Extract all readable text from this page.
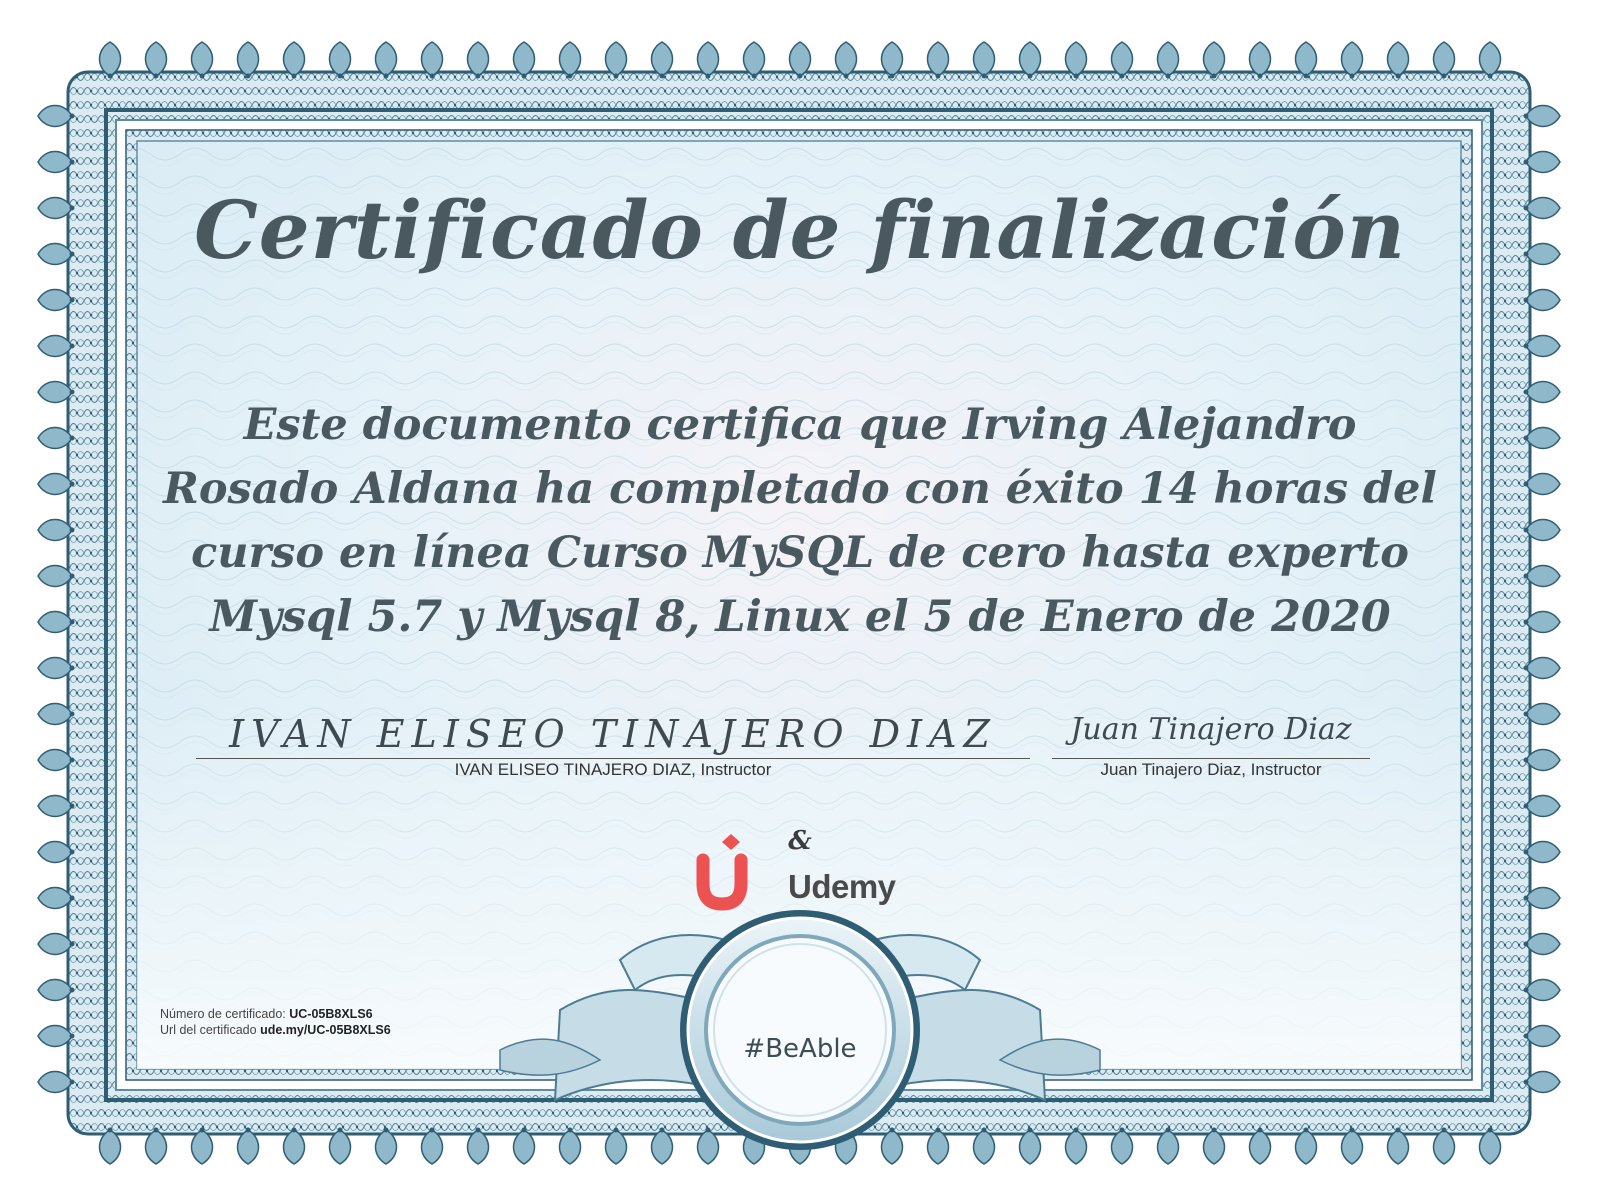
Certificado de finalización
Este documento certifica que Irving Alejandro Rosado Aldana ha completado con éxito 14 horas del curso en línea Curso MySQL de cero hasta experto Mysql 5.7 y Mysql 8, Linux el 5 de Enero de 2020
IVAN ELISEO TINAJERO DIAZ
IVAN ELISEO TINAJERO DIAZ, Instructor
Juan Tinajero Diaz
Juan Tinajero Diaz, Instructor
&
Udemy
Número de certificado: UC-05B8XLS6
Url del certificado ude.my/UC-05B8XLS6
#BeAble
